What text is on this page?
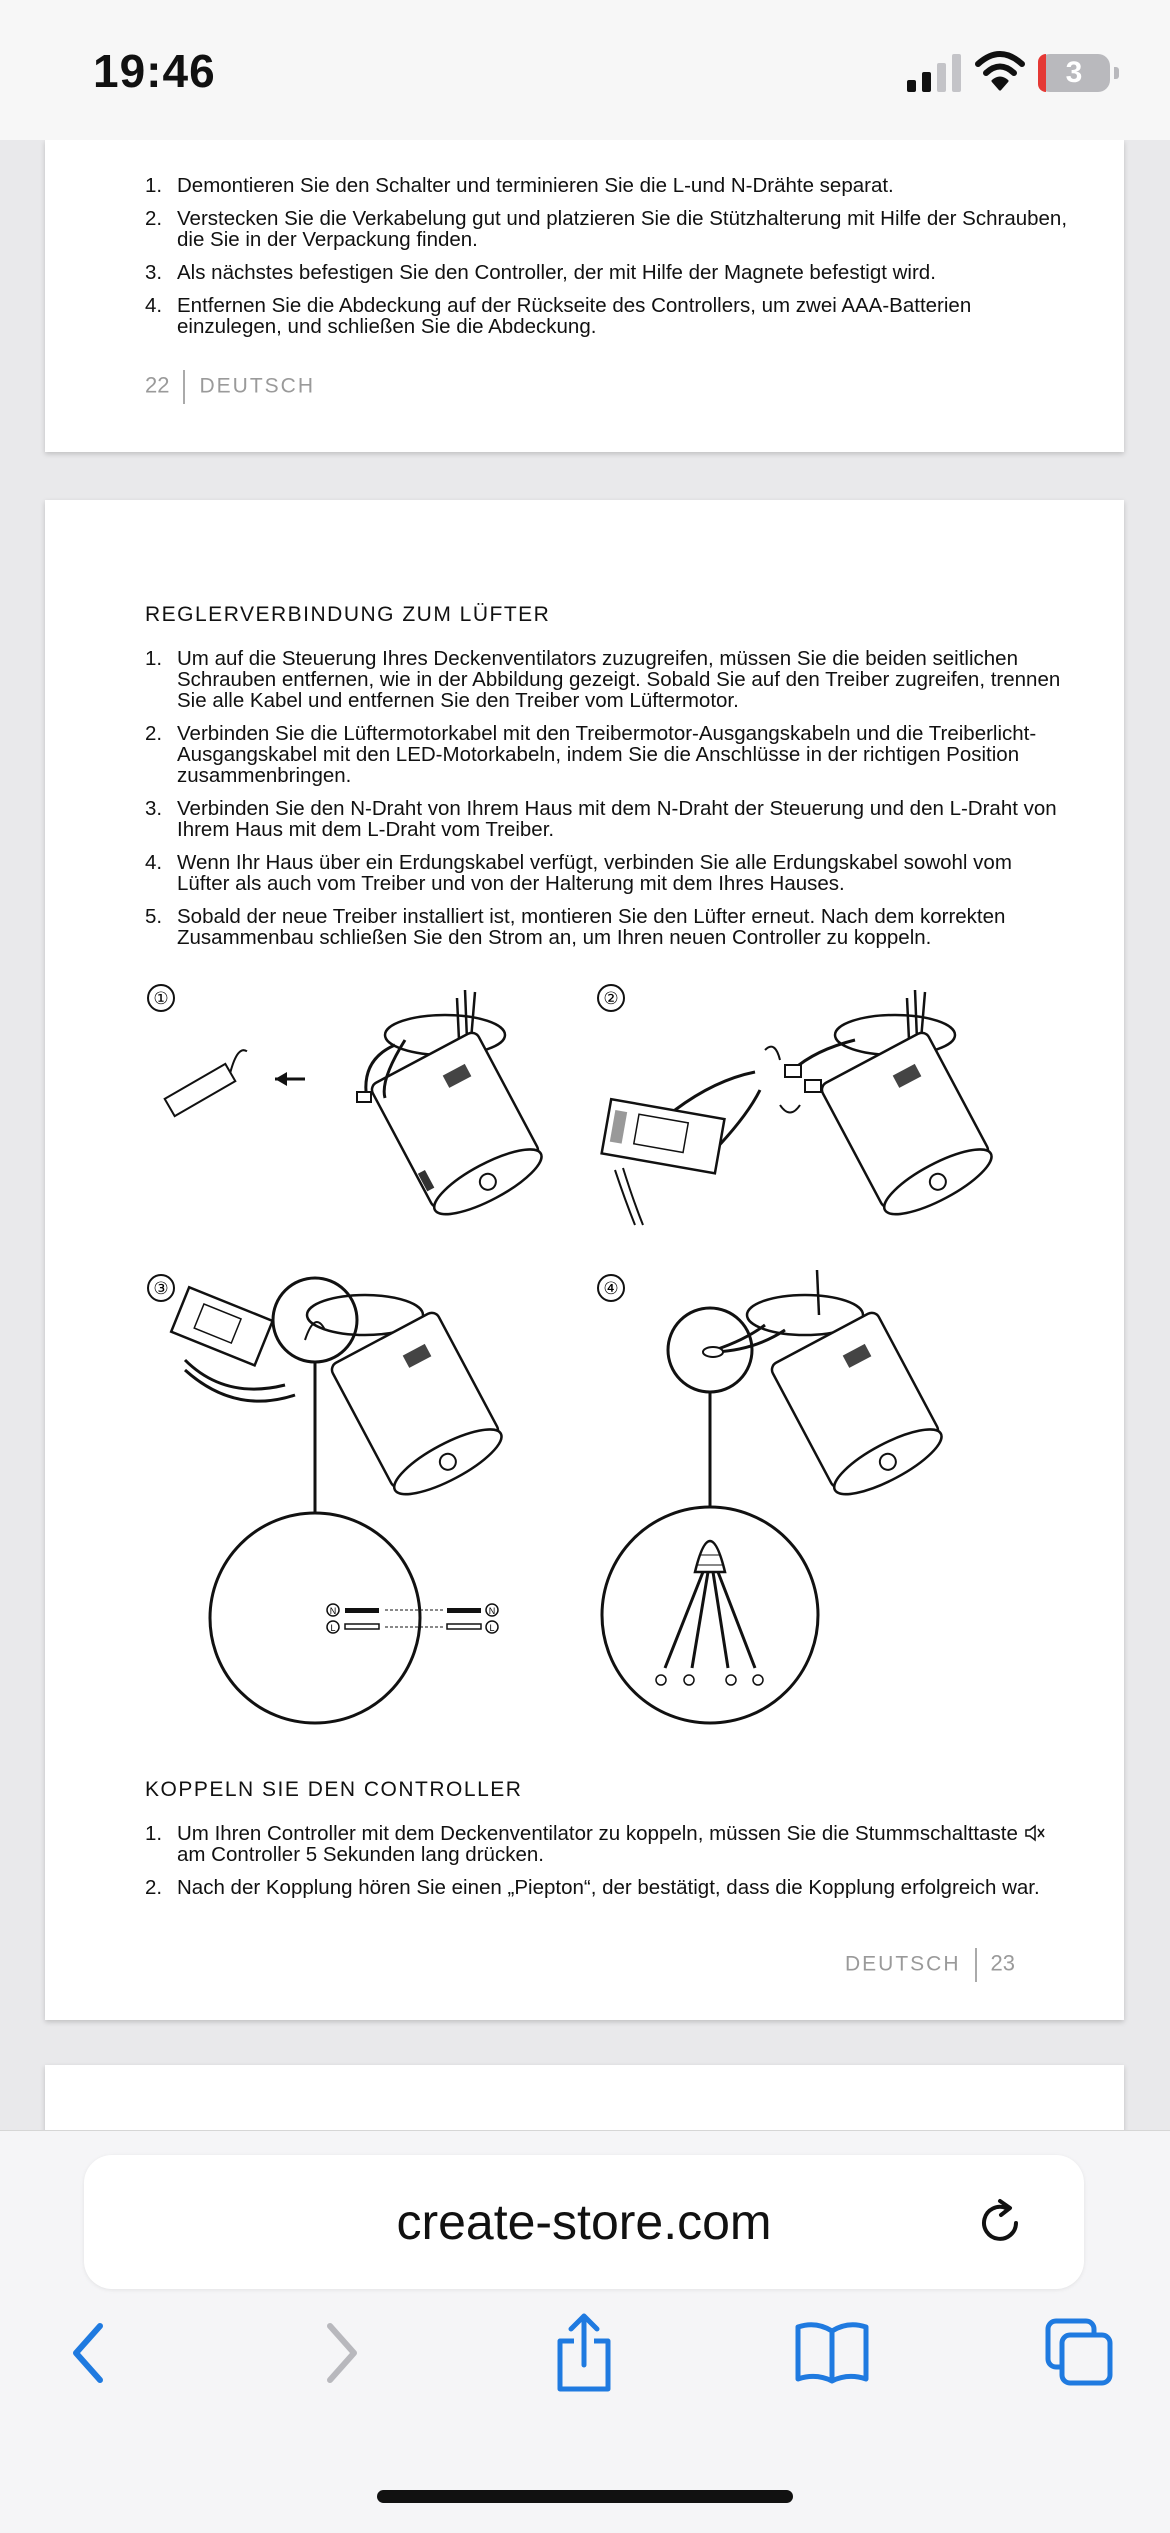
19:46	3
1. Demontieren Sie den Schalter und terminieren Sie die L-und N-Drähte separat.
2. Verstecken Sie die Verkabelung gut und platzieren Sie die Stützhalterung mit Hilfe der Schrauben, die Sie in der Verpackung finden.
3. Als nächstes befestigen Sie den Controller, der mit Hilfe der Magnete befestigt wird.
4. Entfernen Sie die Abdeckung auf der Rückseite des Controllers, um zwei AAA-Batterien einzulegen, und schließen Sie die Abdeckung.
22 DEUTSCH
REGLERVERBINDUNG ZUM LÜFTER
1. Um auf die Steuerung Ihres Deckenventilators zuzugreifen, müssen Sie die beiden seitlichen Schrauben entfernen, wie in der Abbildung gezeigt. Sobald Sie auf den Treiber zugreifen, trennen Sie alle Kabel und entfernen Sie den Treiber vom Lüftermotor.
2. Verbinden Sie die Lüftermotorkabel mit den Treibermotor-Ausgangskabeln und die Treiberlicht-Ausgangskabel mit den LED-Motorkabeln, indem Sie die Anschlüsse in der richtigen Position zusammenbringen.
3. Verbinden Sie den N-Draht von Ihrem Haus mit dem N-Draht der Steuerung und den L-Draht von Ihrem Haus mit dem L-Draht vom Treiber.
4. Wenn Ihr Haus über ein Erdungskabel verfügt, verbinden Sie alle Erdungskabel sowohl vom Lüfter als auch vom Treiber und von der Halterung mit dem Ihres Hauses.
5. Sobald der neue Treiber installiert ist, montieren Sie den Lüfter erneut. Nach dem korrekten Zusammenbau schließen Sie den Strom an, um Ihren neuen Controller zu koppeln.
①	②
③
N
L
N
L
④
KOPPELN SIE DEN CONTROLLER
1. Um Ihren Controller mit dem Deckenventilator zu koppeln, müssen Sie die Stummschalttaste  am Controller 5 Sekunden lang drücken.
2. Nach der Kopplung hören Sie einen „Piepton“, der bestätigt, dass die Kopplung erfolgreich war.
DEUTSCH 23
create-store.com
